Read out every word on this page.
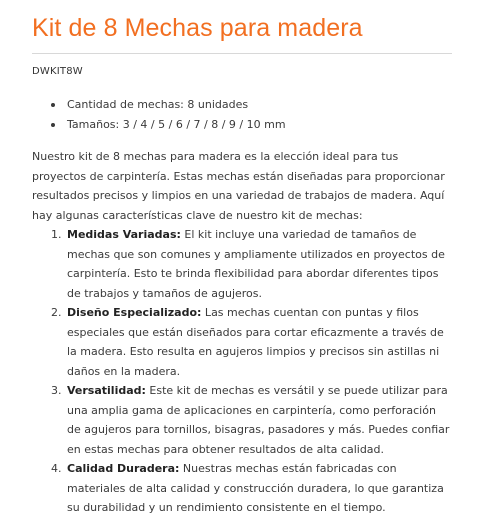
Kit de 8 Mechas para madera
DWKIT8W
Cantidad de mechas: 8 unidades
Tamaños: 3 / 4 / 5 / 6 / 7 / 8 / 9 / 10 mm

Nuestro kit de 8 mechas para madera es la elección ideal para tus proyectos de carpintería. Estas mechas están diseñadas para proporcionar resultados precisos y limpios en una variedad de trabajos de madera. Aquí hay algunas características clave de nuestro kit de mechas:

1. Medidas Variadas: El kit incluye una variedad de tamaños de mechas que son comunes y ampliamente utilizados en proyectos de carpintería. Esto te brinda flexibilidad para abordar diferentes tipos de trabajos y tamaños de agujeros.
2. Diseño Especializado: Las mechas cuentan con puntas y filos especiales que están diseñados para cortar eficazmente a través de la madera. Esto resulta en agujeros limpios y precisos sin astillas ni daños en la madera.
3. Versatilidad: Este kit de mechas es versátil y se puede utilizar para una amplia gama de aplicaciones en carpintería, como perforación de agujeros para tornillos, bisagras, pasadores y más. Puedes confiar en estas mechas para obtener resultados de alta calidad.
4. Calidad Duradera: Nuestras mechas están fabricadas con materiales de alta calidad y construcción duradera, lo que garantiza su durabilidad y un rendimiento consistente en el tiempo.
